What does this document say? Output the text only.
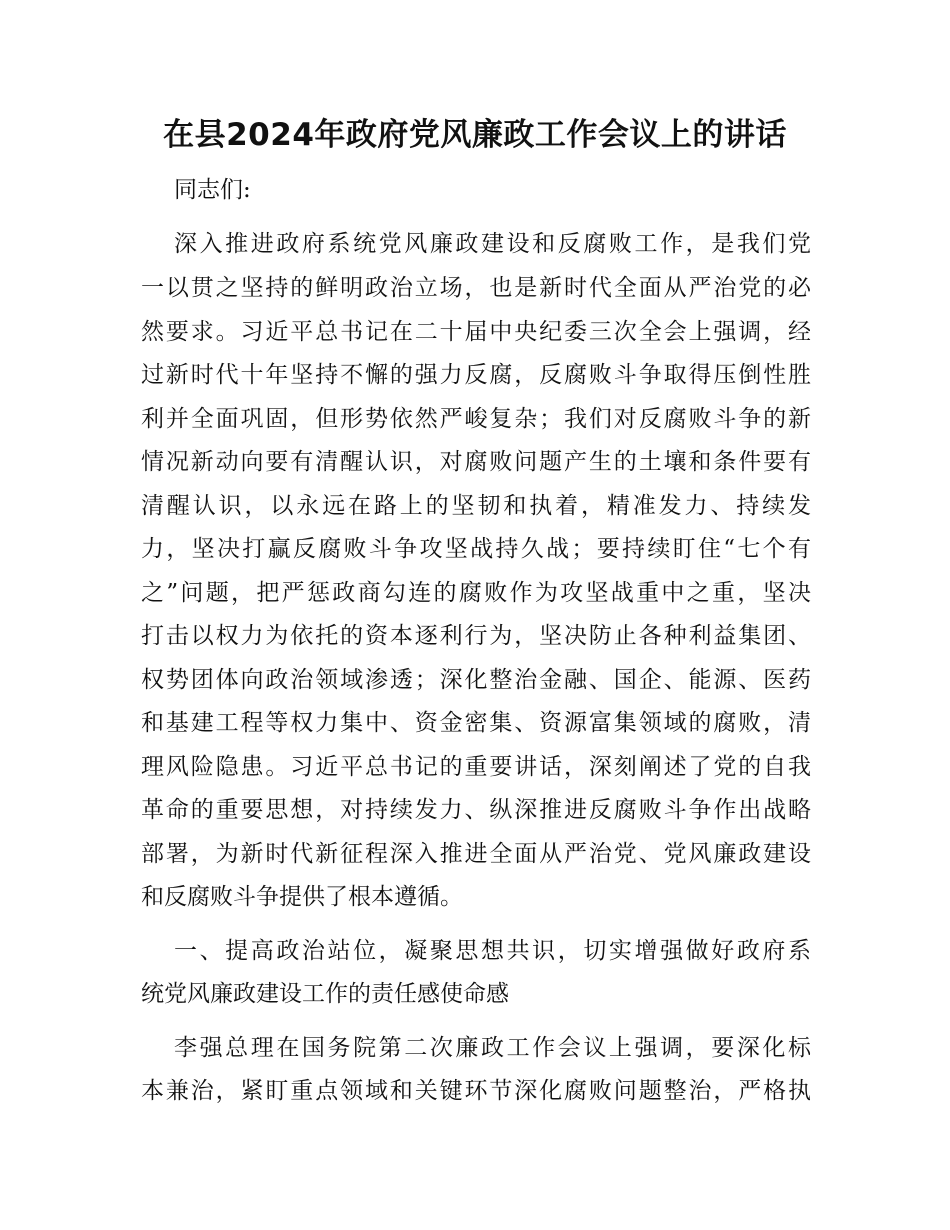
在县2024年政府党风廉政工作会议上的讲话

同志们:

深入推进政府系统党风廉政建设和反腐败工作，是我们党

一以贯之坚持的鲜明政治立场，也是新时代全面从严治党的必

然要求。习近平总书记在二十届中央纪委三次全会上强调，经

过新时代十年坚持不懈的强力反腐，反腐败斗争取得压倒性胜

利并全面巩固，但形势依然严峻复杂；我们对反腐败斗争的新

情况新动向要有清醒认识，对腐败问题产生的土壤和条件要有

清醒认识，以永远在路上的坚韧和执着，精准发力、持续发

力，坚决打赢反腐败斗争攻坚战持久战；要持续盯住“七个有

之”问题，把严惩政商勾连的腐败作为攻坚战重中之重，坚决

打击以权力为依托的资本逐利行为，坚决防止各种利益集团、

权势团体向政治领域渗透；深化整治金融、国企、能源、医药

和基建工程等权力集中、资金密集、资源富集领域的腐败，清

理风险隐患。习近平总书记的重要讲话，深刻阐述了党的自我

革命的重要思想，对持续发力、纵深推进反腐败斗争作出战略

部署，为新时代新征程深入推进全面从严治党、党风廉政建设

和反腐败斗争提供了根本遵循。

一、提高政治站位，凝聚思想共识，切实增强做好政府系

统党风廉政建设工作的责任感使命感

李强总理在国务院第二次廉政工作会议上强调，要深化标

本兼治，紧盯重点领域和关键环节深化腐败问题整治，严格执
